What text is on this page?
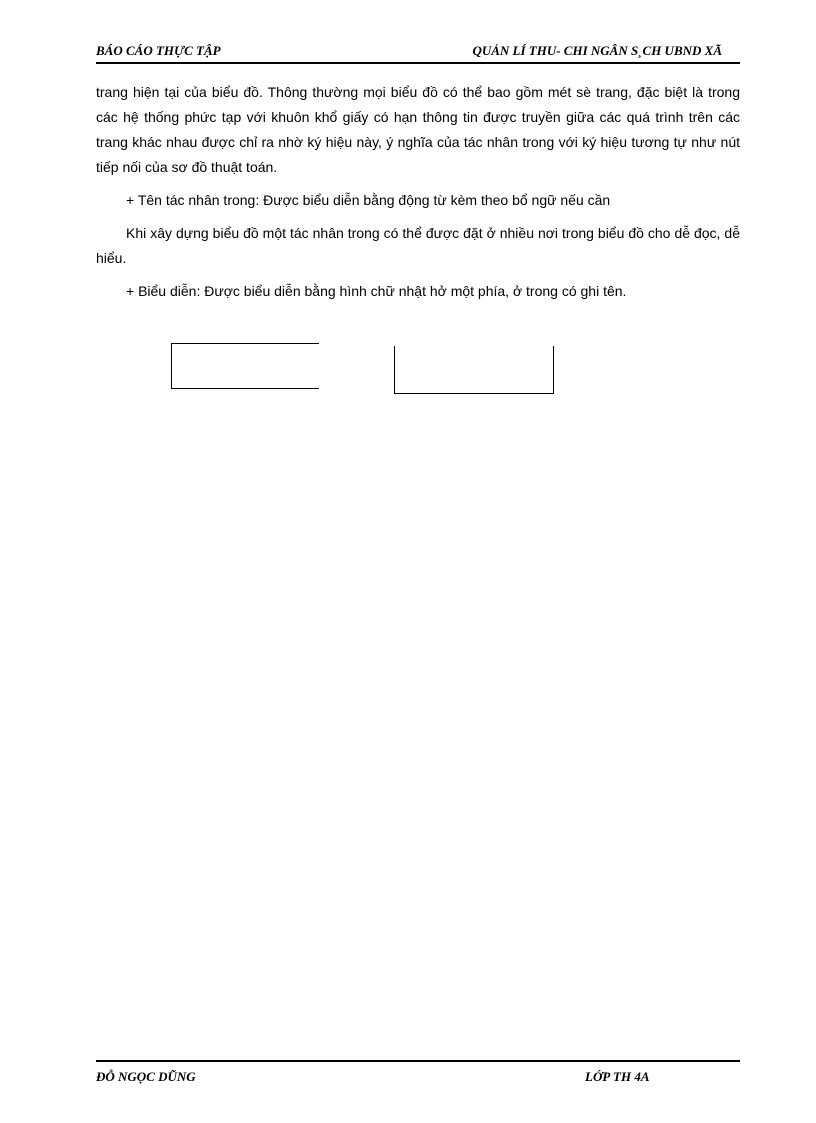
BÁO CÁO THỰC TẬP	QUẢN LÍ THU- CHI NGÂN S¸CH UBND XÃ

trang hiện tại của biểu đồ. Thông thường mọi biểu đồ có thể bao gồm mét sè trang, đặc biệt là trong các hệ thống phức tạp với khuôn khổ giấy có hạn thông tin được truyền giữa các quá trình trên các trang khác nhau được chỉ ra nhờ ký hiệu này, ý nghĩa của tác nhân trong với ký hiệu tương tự như nút tiếp nối của sơ đồ thuật toán.

+ Tên tác nhân trong: Được biểu diễn bằng động từ kèm theo bổ ngữ nếu cần

Khi xây dựng biểu đồ một tác nhân trong có thể được đặt ở nhiều nơi trong biểu đồ cho dễ đọc, dễ hiểu.

+ Biểu diễn: Được biểu diễn bằng hình chữ nhật hở một phía, ở trong có ghi tên.

ĐỖ NGỌC DŨNG	LỚP TH 4A
